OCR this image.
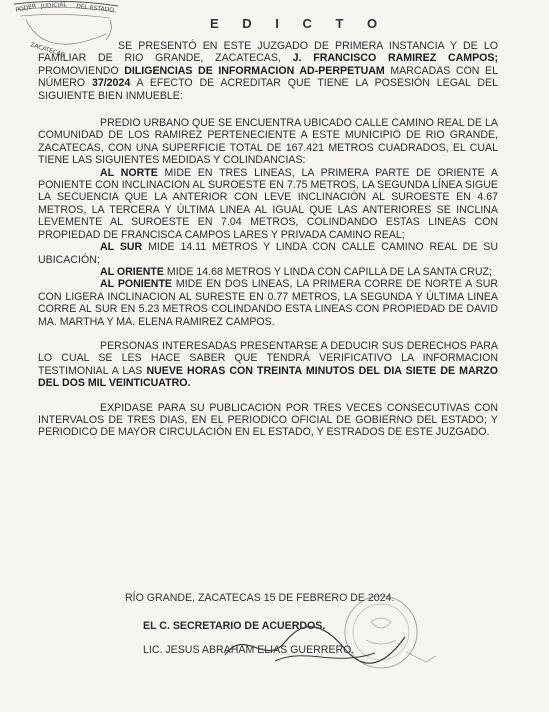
PODER JUDICIAL DEL ESTADO
ZACATECAS
E D I C T O

SE PRESENTÓ EN ESTE JUZGADO DE PRIMERA INSTANCIA Y DE LO FAMILIAR DE RIO GRANDE, ZACATECAS, J. FRANCISCO RAMIREZ CAMPOS; PROMOVIENDO DILIGENCIAS DE INFORMACION AD-PERPETUAM MARCADAS CON EL NÚMERO 37/2024 A EFECTO DE ACREDITAR QUE TIENE LA POSESIÓN LEGAL DEL SIGUIENTE BIEN INMUEBLE:

PREDIO URBANO QUE SE ENCUENTRA UBICADO CALLE CAMINO REAL DE LA COMUNIDAD DE LOS RAMIREZ PERTENECIENTE A ESTE MUNICIPIO DE RIO GRANDE, ZACATECAS, CON UNA SUPERFICIE TOTAL DE 167.421 METROS CUADRADOS, EL CUAL TIENE LAS SIGUIENTES MEDIDAS Y COLINDANCIAS:

AL NORTE MIDE EN TRES LINEAS, LA PRIMERA PARTE DE ORIENTE A PONIENTE CON INCLINACION AL SUROESTE EN 7.75 METROS, LA SEGUNDA LÍNEA SIGUE LA SECUENCIA QUE LA ANTERIOR CON LEVE INCLINACIÓN AL SUROESTE EN 4.67 METROS, LA TERCERA Y ÚLTIMA LINEA AL IGUAL QUE LAS ANTERIORES SE INCLINA LEVEMENTE AL SUROESTE EN 7.04 METROS, COLINDANDO ESTAS LINEAS CON PROPIEDAD DE FRANCISCA CAMPOS LARES Y PRIVADA CAMINO REAL;

AL SUR MIDE 14.11 METROS Y LINDA CON CALLE CAMINO REAL DE SU UBICACIÓN;

AL ORIENTE MIDE 14.68 METROS Y LINDA CON CAPILLA DE LA SANTA CRUZ;

AL PONIENTE MIDE EN DOS LINEAS, LA PRIMERA CORRE DE NORTE A SUR CON LIGERA INCLINACION AL SURESTE EN 0.77 METROS, LA SEGUNDA Y ÚLTIMA LINEA CORRE AL SUR EN 5.23 METROS COLINDANDO ESTA LINEAS CON PROPIEDAD DE DAVID MA. MARTHA Y MA. ELENA RAMIREZ CAMPOS.

PERSONAS INTERESADAS PRESENTARSE A DEDUCIR SUS DERECHOS PARA LO CUAL SE LES HACE SABER QUE TENDRÁ VERIFICATIVO LA INFORMACION TESTIMONIAL A LAS NUEVE HORAS CON TREINTA MINUTOS DEL DIA SIETE DE MARZO DEL DOS MIL VEINTICUATRO.

EXPIDASE PARA SU PUBLICACION POR TRES VECES CONSECUTIVAS CON INTERVALOS DE TRES DIAS, EN EL PERIODICO OFICIAL DE GOBIERNO DEL ESTADO; Y PERIODICO DE MAYOR CIRCULACIÓN EN EL ESTADO, Y ESTRADOS DE ESTE JUZGADO.

RÍO GRANDE, ZACATECAS 15 DE FEBRERO DE 2024.
EL C. SECRETARIO DE ACUERDOS.
LIC. JESUS ABRAHAM ELIAS GUERRERO.
